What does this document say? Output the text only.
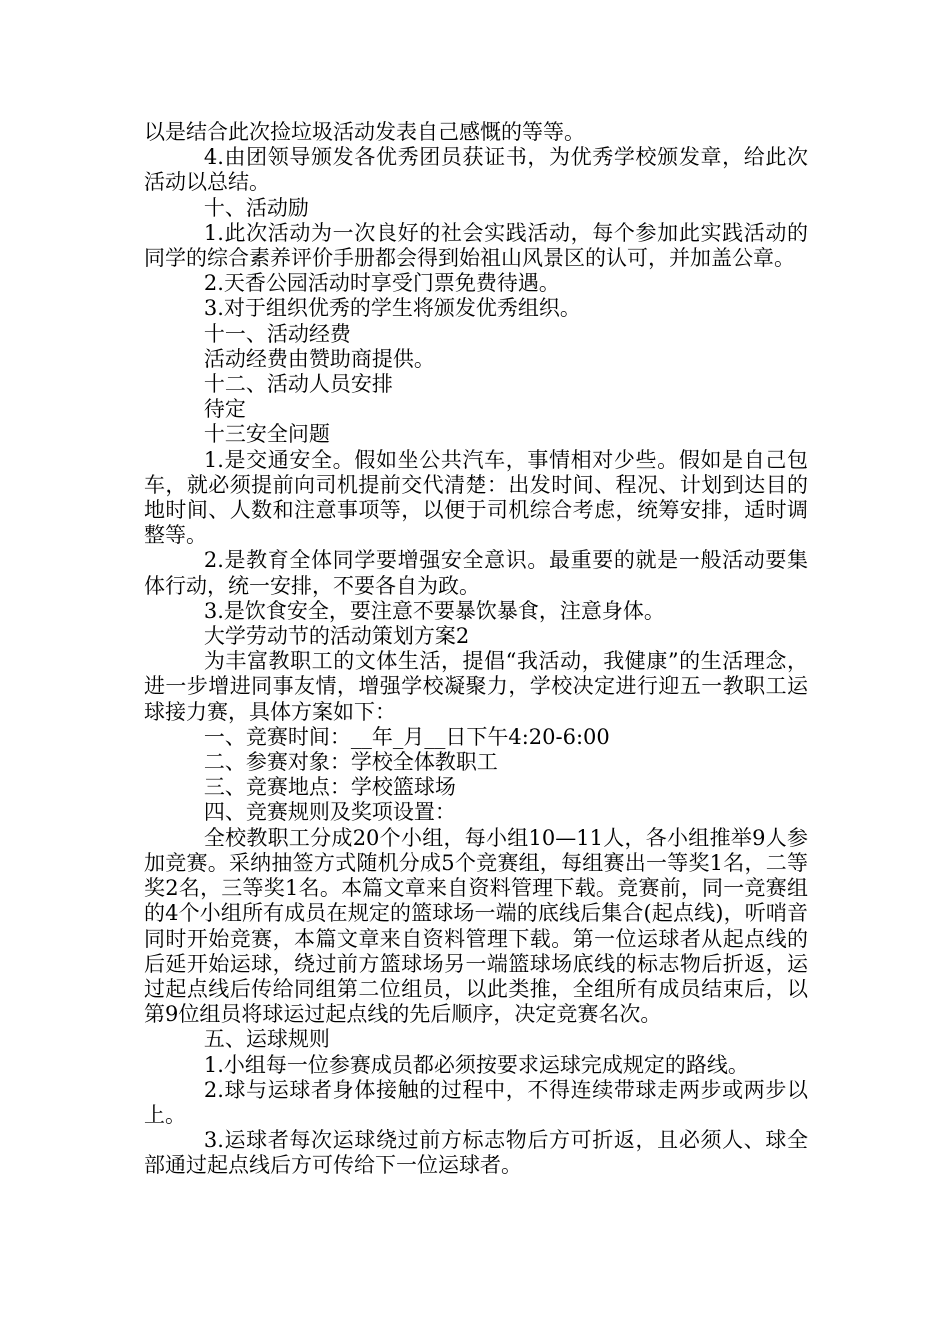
以是结合此次捡垃圾活动发表自己感慨的等等。

4.由团领导颁发各优秀团员获证书，为优秀学校颁发章，给此次活动以总结。

十、活动励

1.此次活动为一次良好的社会实践活动，每个参加此实践活动的同学的综合素养评价手册都会得到始祖山风景区的认可，并加盖公章。

2.天香公园活动时享受门票免费待遇。

3.对于组织优秀的学生将颁发优秀组织。

十一、活动经费

活动经费由赞助商提供。

十二、活动人员安排

待定

十三安全问题

1.是交通安全。假如坐公共汽车，事情相对少些。假如是自己包车，就必须提前向司机提前交代清楚：出发时间、程况、计划到达目的地时间、人数和注意事项等，以便于司机综合考虑，统筹安排，适时调整等。

2.是教育全体同学要增强安全意识。最重要的就是一般活动要集体行动，统一安排，不要各自为政。

3.是饮食安全，要注意不要暴饮暴食，注意身体。

大学劳动节的活动策划方案2

为丰富教职工的文体生活，提倡“我活动，我健康”的生活理念，进一步增进同事友情，增强学校凝聚力，学校决定进行迎五一教职工运球接力赛，具体方案如下：

一、竞赛时间：__年_月__日下午4:20-6:00

二、参赛对象：学校全体教职工

三、竞赛地点：学校篮球场

四、竞赛规则及奖项设置：

全校教职工分成20个小组，每小组10—11人，各小组推举9人参加竞赛。采纳抽签方式随机分成5个竞赛组，每组赛出一等奖1名，二等奖2名，三等奖1名。本篇文章来自资料管理下载。竞赛前，同一竞赛组的4个小组所有成员在规定的篮球场一端的底线后集合(起点线)，听哨音同时开始竞赛，本篇文章来自资料管理下载。第一位运球者从起点线的后延开始运球，绕过前方篮球场另一端篮球场底线的标志物后折返，运过起点线后传给同组第二位组员，以此类推，全组所有成员结束后，以第9位组员将球运过起点线的先后顺序，决定竞赛名次。

五、运球规则

1.小组每一位参赛成员都必须按要求运球完成规定的路线。

2.球与运球者身体接触的过程中，不得连续带球走两步或两步以上。

3.运球者每次运球绕过前方标志物后方可折返，且必须人、球全部通过起点线后方可传给下一位运球者。
